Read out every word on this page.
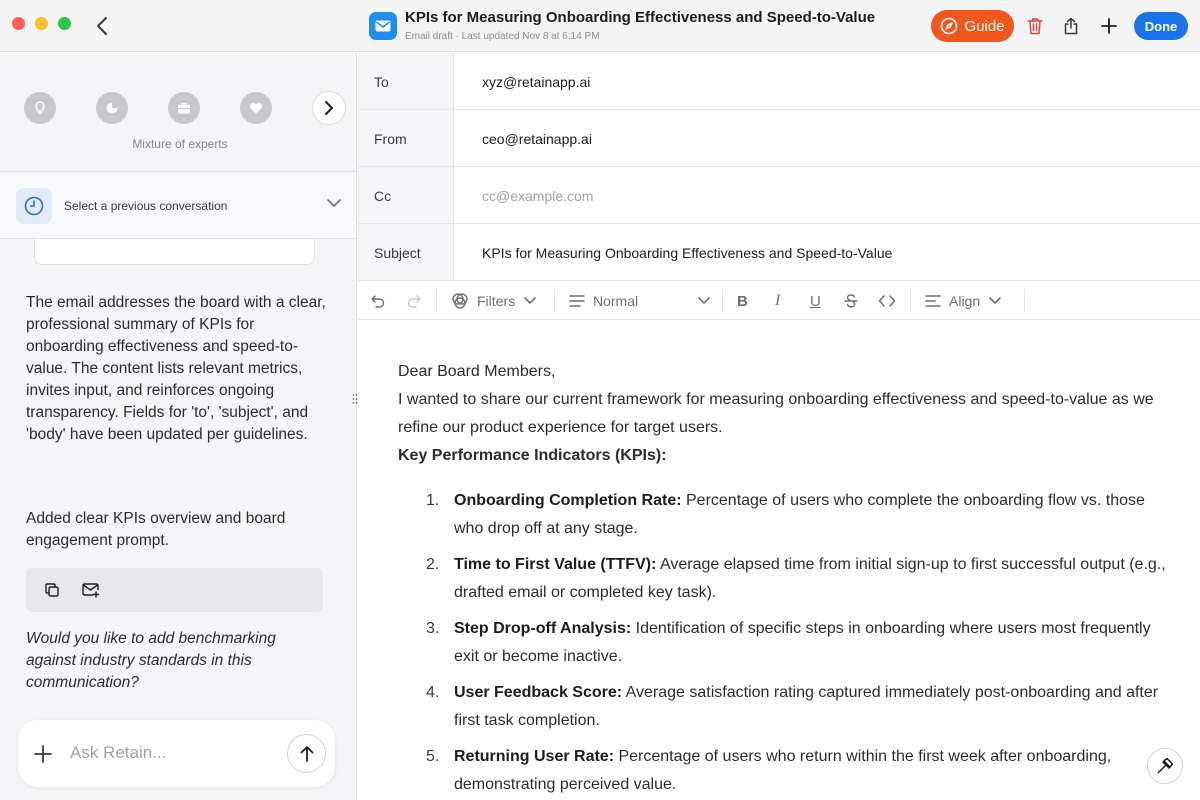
KPIs for Measuring Onboarding Effectiveness and Speed-to-Value
Email draft · Last updated Nov 8 at 6:14 PM
Guide	Done
Mixture of experts
Select a previous conversation
The email addresses the board with a clear, professional summary of KPIs for onboarding effectiveness and speed-to-value. The content lists relevant metrics, invites input, and reinforces ongoing transparency. Fields for 'to', 'subject', and 'body' have been updated per guidelines.
Added clear KPIs overview and board engagement prompt.
Would you like to add benchmarking against industry standards in this communication?
Ask Retain...
To
xyz@retainapp.ai
From
ceo@retainapp.ai
Cc
cc@example.com
Subject
KPIs for Measuring Onboarding Effectiveness and Speed-to-Value
Filters	Normal	B I U	Align

Dear Board Members,

I wanted to share our current framework for measuring onboarding effectiveness and speed-to-value as we refine our product experience for target users.

Key Performance Indicators (KPIs):

1. Onboarding Completion Rate: Percentage of users who complete the onboarding flow vs. those who drop off at any stage.
2. Time to First Value (TTFV): Average elapsed time from initial sign-up to first successful output (e.g., drafted email or completed key task).
3. Step Drop-off Analysis: Identification of specific steps in onboarding where users most frequently exit or become inactive.
4. User Feedback Score: Average satisfaction rating captured immediately post-onboarding and after first task completion.
5. Returning User Rate: Percentage of users who return within the first week after onboarding, demonstrating perceived value.
